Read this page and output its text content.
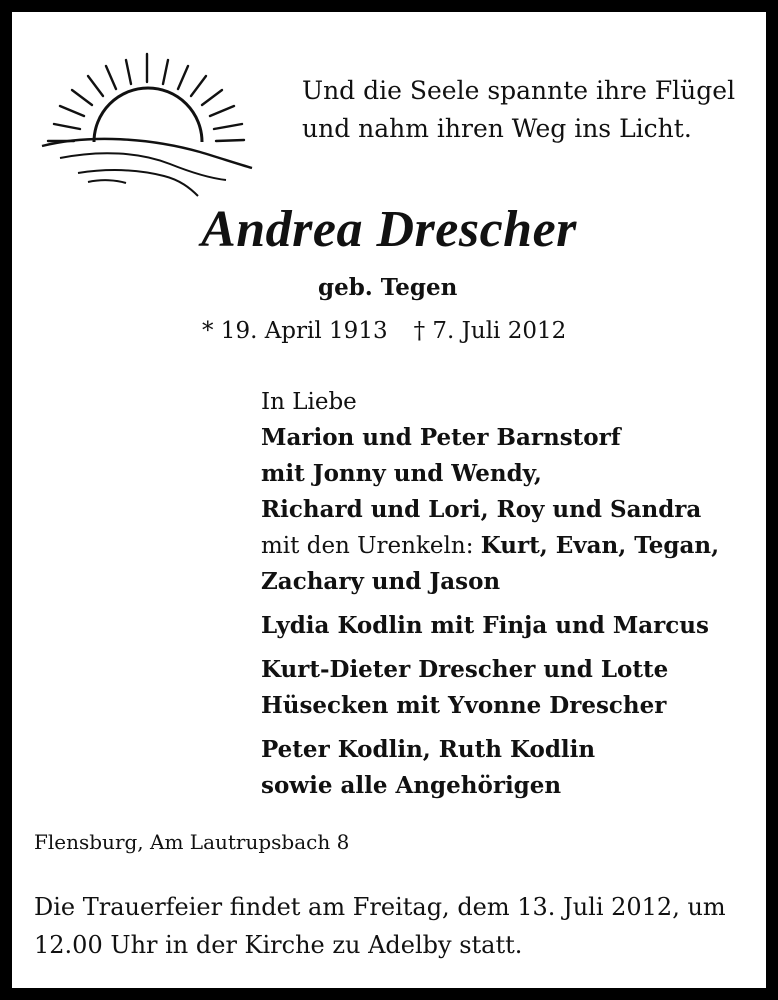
Und die Seele spannte ihre Flügel
und nahm ihren Weg ins Licht.
Andrea Drescher
geb. Tegen
* 19. April 1913 † 7. Juli 2012
In Liebe
Marion und Peter Barnstorf
mit Jonny und Wendy,
Richard und Lori, Roy und Sandra
mit den Urenkeln: Kurt, Evan, Tegan,
Zachary und Jason
Lydia Kodlin mit Finja und Marcus
Kurt-Dieter Drescher und Lotte
Hüsecken mit Yvonne Drescher
Peter Kodlin, Ruth Kodlin
sowie alle Angehörigen
Flensburg, Am Lautrupsbach 8
Die Trauerfeier findet am Freitag, dem 13. Juli 2012, um
12.00 Uhr in der Kirche zu Adelby statt.
